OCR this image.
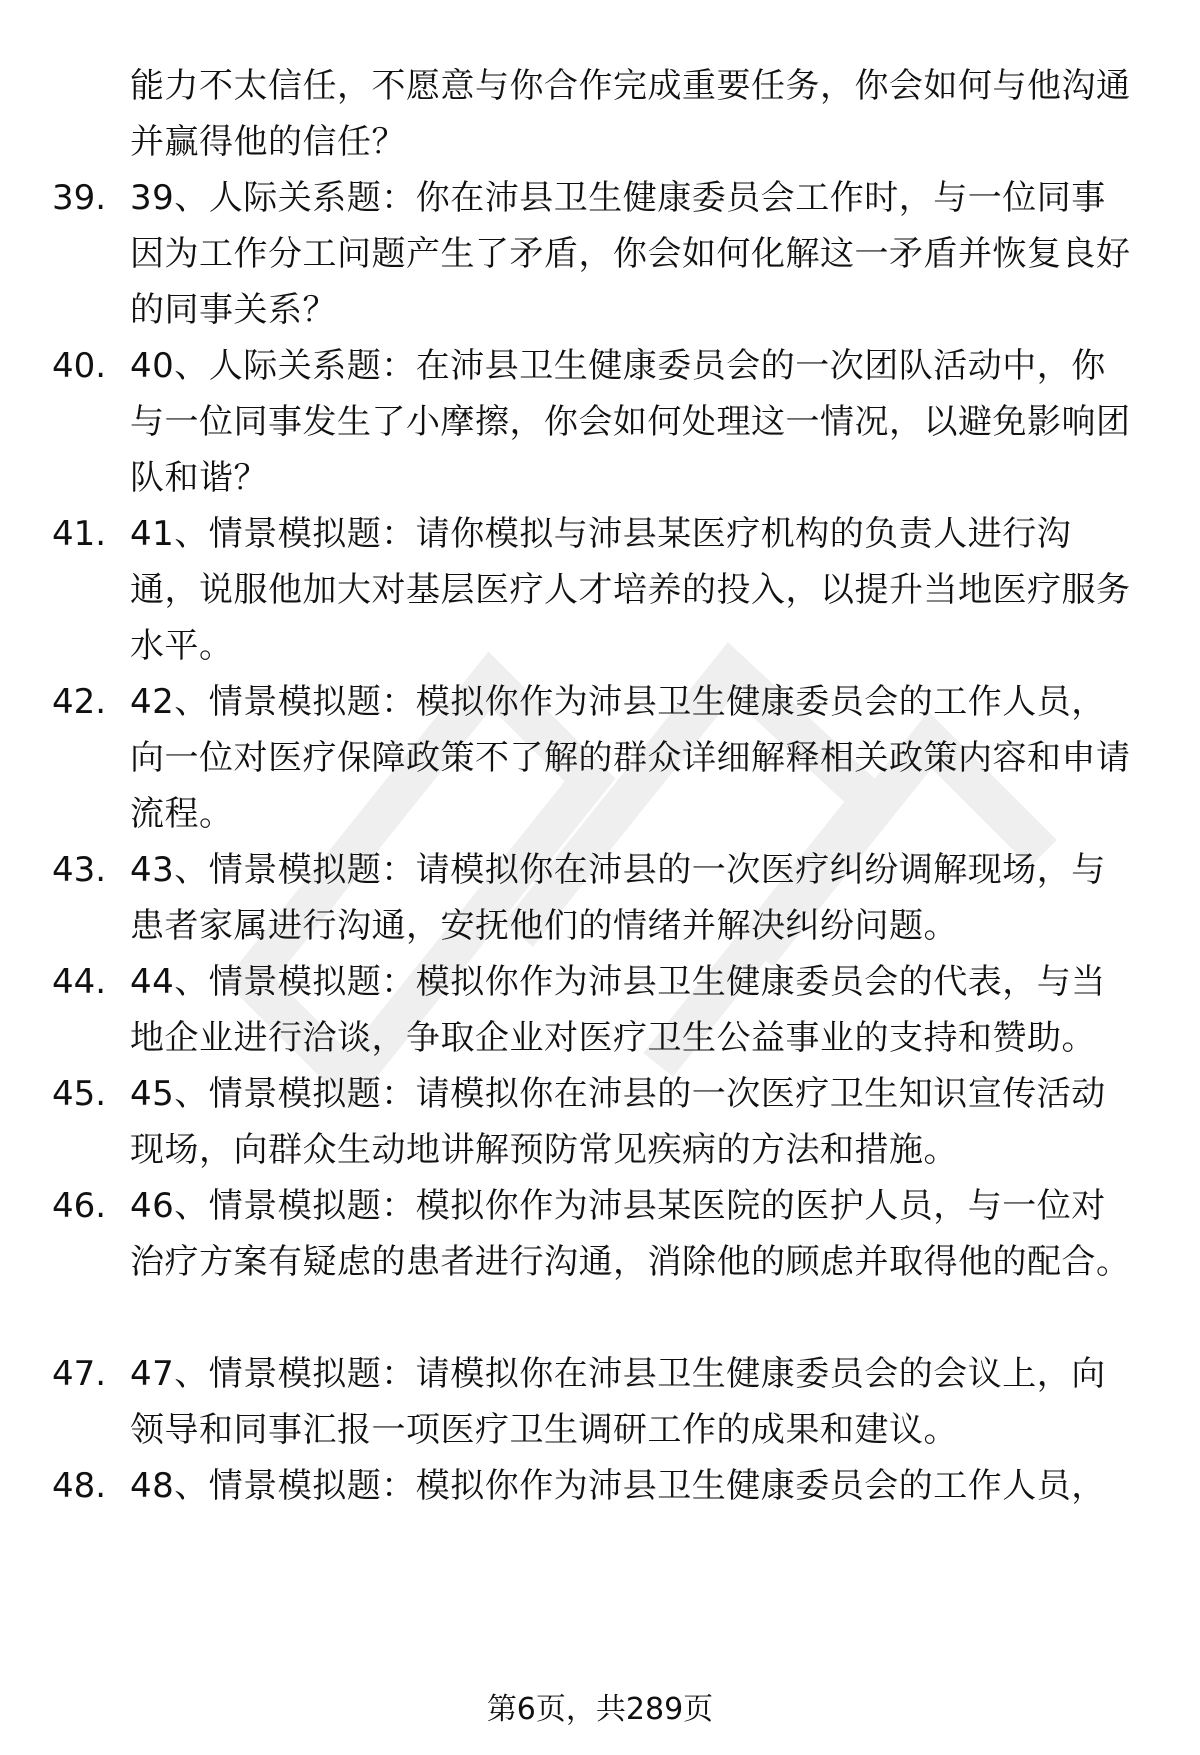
能力不太信任，不愿意与你合作完成重要任务，你会如何与他沟通并赢得他的信任？
39. 39、人际关系题：你在沛县卫生健康委员会工作时，与一位同事因为工作分工问题产生了矛盾，你会如何化解这一矛盾并恢复良好的同事关系？
40. 40、人际关系题：在沛县卫生健康委员会的一次团队活动中，你与一位同事发生了小摩擦，你会如何处理这一情况，以避免影响团队和谐？
41. 41、情景模拟题：请你模拟与沛县某医疗机构的负责人进行沟通，说服他加大对基层医疗人才培养的投入，以提升当地医疗服务水平。
42. 42、情景模拟题：模拟你作为沛县卫生健康委员会的工作人员，向一位对医疗保障政策不了解的群众详细解释相关政策内容和申请流程。
43. 43、情景模拟题：请模拟你在沛县的一次医疗纠纷调解现场，与患者家属进行沟通，安抚他们的情绪并解决纠纷问题。
44. 44、情景模拟题：模拟你作为沛县卫生健康委员会的代表，与当地企业进行洽谈，争取企业对医疗卫生公益事业的支持和赞助。
45. 45、情景模拟题：请模拟你在沛县的一次医疗卫生知识宣传活动现场，向群众生动地讲解预防常见疾病的方法和措施。
46. 46、情景模拟题：模拟你作为沛县某医院的医护人员，与一位对治疗方案有疑虑的患者进行沟通，消除他的顾虑并取得他的配合。
47. 47、情景模拟题：请模拟你在沛县卫生健康委员会的会议上，向领导和同事汇报一项医疗卫生调研工作的成果和建议。
48. 48、情景模拟题：模拟你作为沛县卫生健康委员会的工作人员，
第6页，共289页
